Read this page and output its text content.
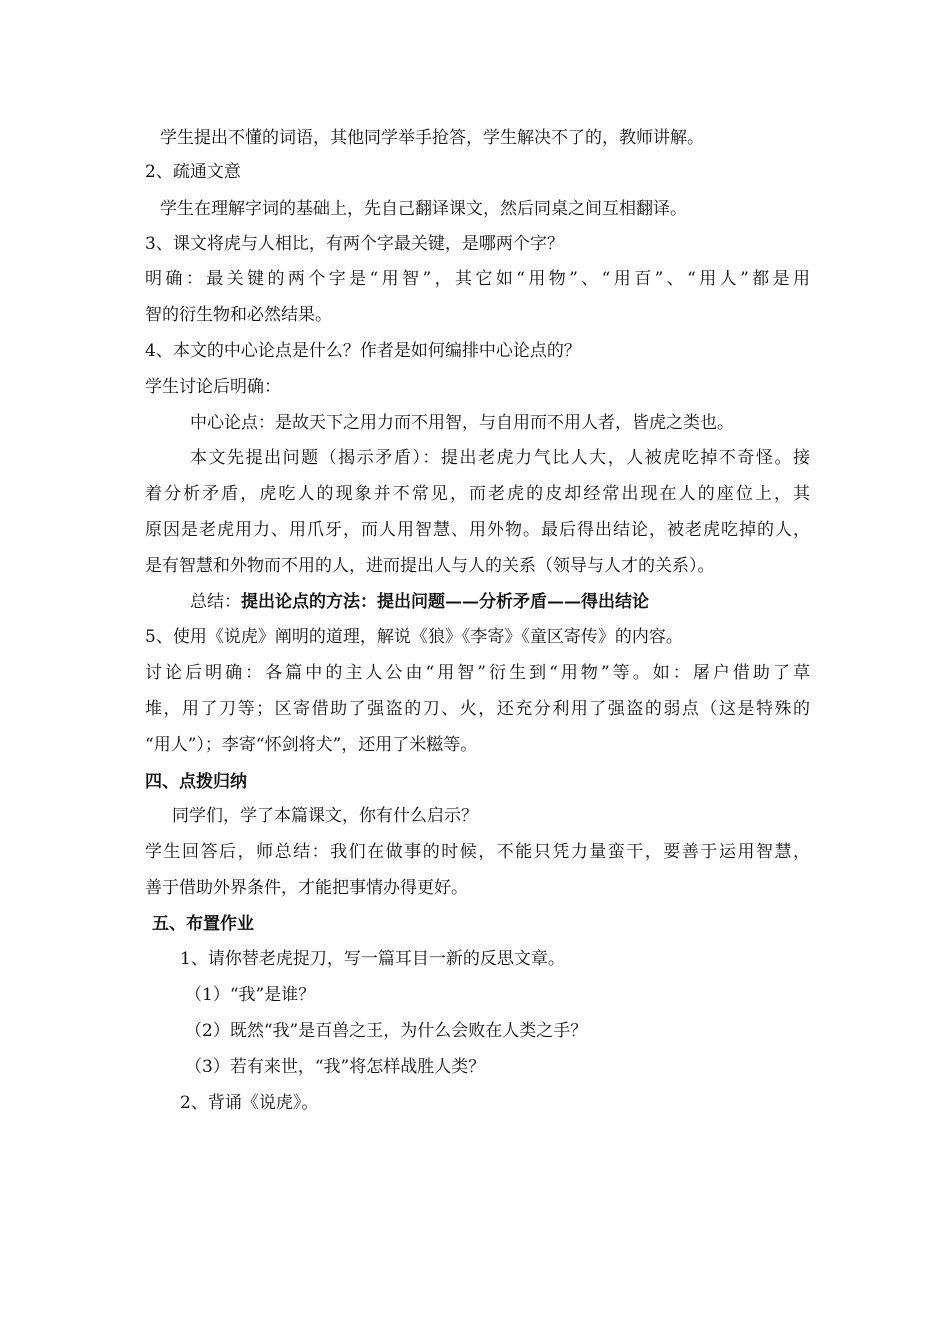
学生提出不懂的词语，其他同学举手抢答，学生解决不了的，教师讲解。
2、疏通文意
学生在理解字词的基础上，先自己翻译课文，然后同桌之间互相翻译。
3、课文将虎与人相比，有两个字最关键，是哪两个字？
明确：最关键的两个字是“用智”，其它如“用物”、“用百”、“用人”都是用
智的衍生物和必然结果。
4、本文的中心论点是什么？作者是如何编排中心论点的？
学生讨论后明确：
中心论点：是故天下之用力而不用智，与自用而不用人者，皆虎之类也。
本文先提出问题（揭示矛盾）：提出老虎力气比人大，人被虎吃掉不奇怪。接
着分析矛盾，虎吃人的现象并不常见，而老虎的皮却经常出现在人的座位上，其
原因是老虎用力、用爪牙，而人用智慧、用外物。最后得出结论，被老虎吃掉的人，
是有智慧和外物而不用的人，进而提出人与人的关系（领导与人才的关系）。
总结：提出论点的方法：提出问题——分析矛盾——得出结论
5、使用《说虎》阐明的道理，解说《狼》《李寄》《童区寄传》的内容。
讨论后明确：各篇中的主人公由“用智”衍生到“用物”等。如：屠户借助了草
堆，用了刀等；区寄借助了强盗的刀、火，还充分利用了强盗的弱点（这是特殊的
“用人”）；李寄“怀剑将犬”，还用了米糍等。
四、点拨归纳
同学们，学了本篇课文，你有什么启示？
学生回答后，师总结：我们在做事的时候，不能只凭力量蛮干，要善于运用智慧，
善于借助外界条件，才能把事情办得更好。
五、布置作业
1、请你替老虎捉刀，写一篇耳目一新的反思文章。
（1）“我”是谁？
（2）既然“我”是百兽之王，为什么会败在人类之手？
（3）若有来世，“我”将怎样战胜人类？
2、背诵《说虎》。
